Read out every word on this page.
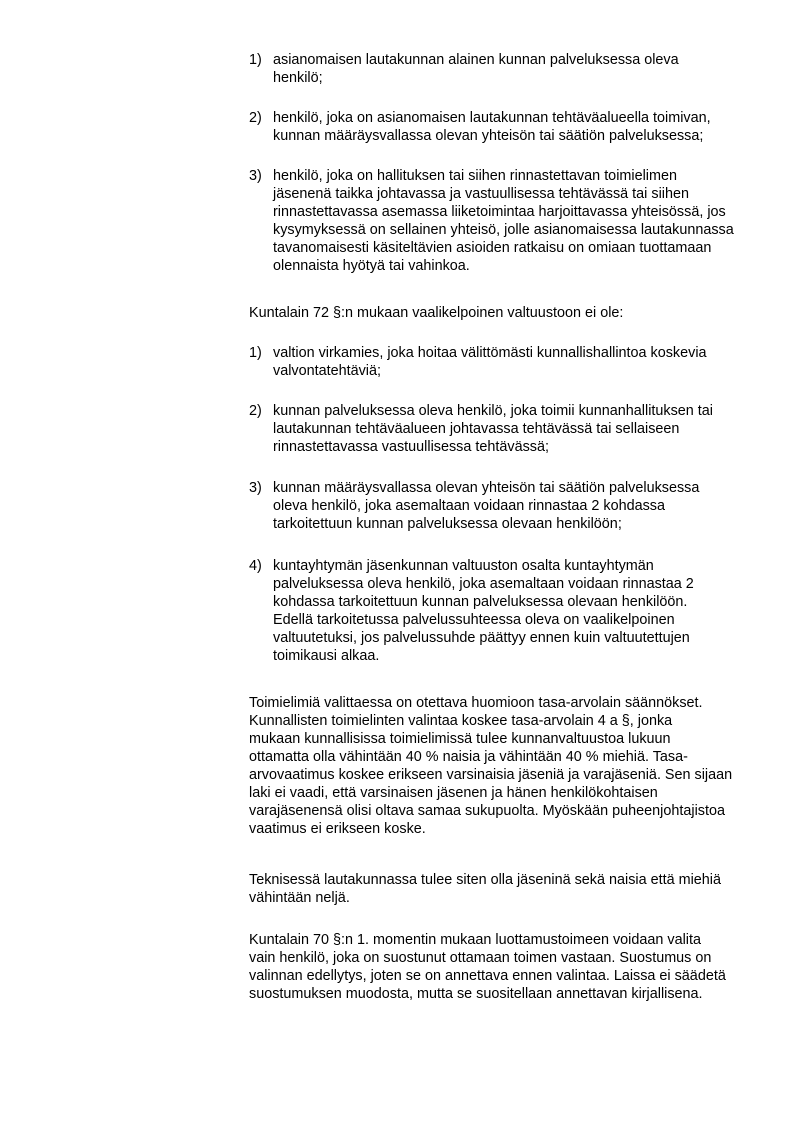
1) asianomaisen lautakunnan alainen kunnan palveluksessa oleva
henkilö;
2) henkilö, joka on asianomaisen lautakunnan tehtäväalueella toimivan,
kunnan määräysvallassa olevan yhteisön tai säätiön palveluksessa;
3) henkilö, joka on hallituksen tai siihen rinnastettavan toimielimen
jäsenenä taikka johtavassa ja vastuullisessa tehtävässä tai siihen
rinnastettavassa asemassa liiketoimintaa harjoittavassa yhteisössä, jos
kysymyksessä on sellainen yhteisö, jolle asianomaisessa lautakunnassa
tavanomaisesti käsiteltävien asioiden ratkaisu on omiaan tuottamaan
olennaista hyötyä tai vahinkoa.
Kuntalain 72 §:n mukaan vaalikelpoinen valtuustoon ei ole:
1) valtion virkamies, joka hoitaa välittömästi kunnallishallintoa koskevia
valvontatehtäviä;
2) kunnan palveluksessa oleva henkilö, joka toimii kunnanhallituksen tai
lautakunnan tehtäväalueen johtavassa tehtävässä tai sellaiseen
rinnastettavassa vastuullisessa tehtävässä;
3) kunnan määräysvallassa olevan yhteisön tai säätiön palveluksessa
oleva henkilö, joka asemaltaan voidaan rinnastaa 2 kohdassa
tarkoitettuun kunnan palveluksessa olevaan henkilöön;
4) kuntayhtymän jäsenkunnan valtuuston osalta kuntayhtymän
palveluksessa oleva henkilö, joka asemaltaan voidaan rinnastaa 2
kohdassa tarkoitettuun kunnan palveluksessa olevaan henkilöön.
Edellä tarkoitetussa palvelussuhteessa oleva on vaalikelpoinen
valtuutetuksi, jos palvelussuhde päättyy ennen kuin valtuutettujen
toimikausi alkaa.
Toimielimiä valittaessa on otettava huomioon tasa-arvolain säännökset.
Kunnallisten toimielinten valintaa koskee tasa-arvolain 4 a §, jonka
mukaan kunnallisissa toimielimissä tulee kunnanvaltuustoa lukuun
ottamatta olla vähintään 40 % naisia ja vähintään 40 % miehiä. Tasa-
arvovaatimus koskee erikseen varsinaisia jäseniä ja varajäseniä. Sen sijaan
laki ei vaadi, että varsinaisen jäsenen ja hänen henkilökohtaisen
varajäsenensä olisi oltava samaa sukupuolta. Myöskään puheenjohtajistoa
vaatimus ei erikseen koske.
Teknisessä lautakunnassa tulee siten olla jäseninä sekä naisia että miehiä
vähintään neljä.
Kuntalain 70 §:n 1. momentin mukaan luottamustoimeen voidaan valita
vain henkilö, joka on suostunut ottamaan toimen vastaan. Suostumus on
valinnan edellytys, joten se on annettava ennen valintaa. Laissa ei säädetä
suostumuksen muodosta, mutta se suositellaan annettavan kirjallisena.
